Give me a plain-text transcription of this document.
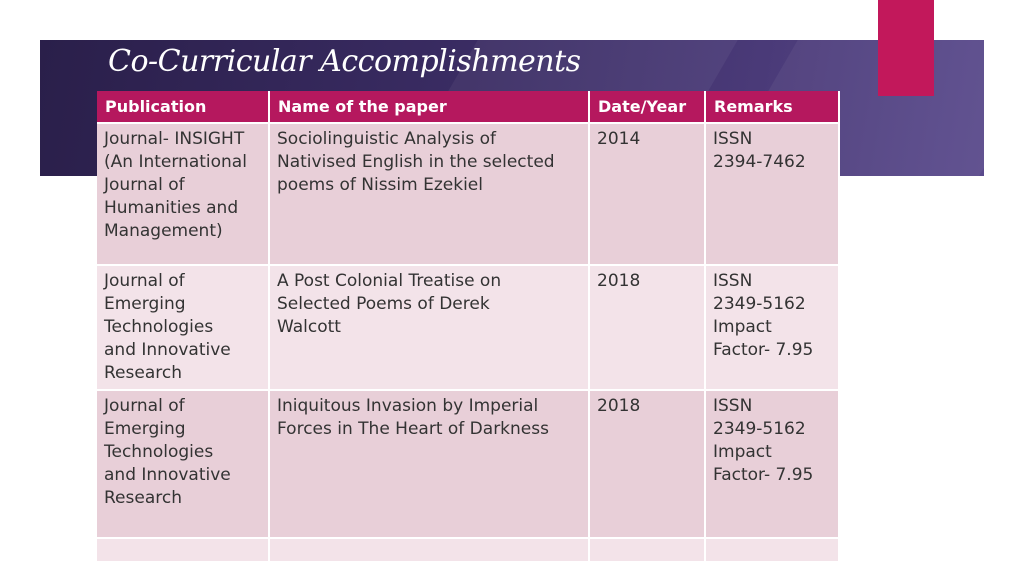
Co-Curricular Accomplishments
Publication	Name of the paper	Date/Year	Remarks

Journal- INSIGHT
(An International
Journal of
Humanities and
Management)	Sociolinguistic Analysis of
Nativised English in the selected
poems of Nissim Ezekiel	2014	ISSN
2394-7462

Journal of
Emerging
Technologies
and Innovative
Research	A Post Colonial Treatise on
Selected Poems of Derek
Walcott	2018	ISSN
2349-5162
Impact
Factor- 7.95

Journal of
Emerging
Technologies
and Innovative
Research	Iniquitous Invasion by Imperial
Forces in The Heart of Darkness	2018	ISSN
2349-5162
Impact
Factor- 7.95
